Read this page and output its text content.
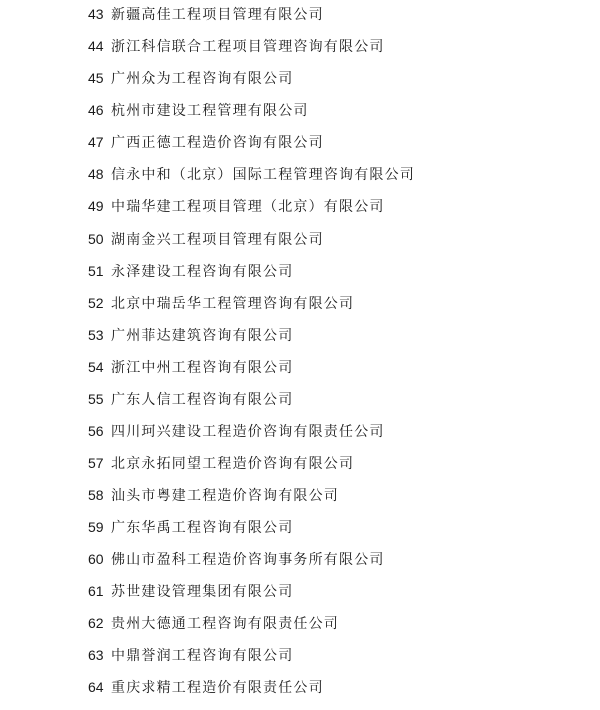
43 新疆高佳工程项目管理有限公司
44 浙江科信联合工程项目管理咨询有限公司
45 广州众为工程咨询有限公司
46 杭州市建设工程管理有限公司
47 广西正德工程造价咨询有限公司
48 信永中和（北京）国际工程管理咨询有限公司
49 中瑞华建工程项目管理（北京）有限公司
50 湖南金兴工程项目管理有限公司
51 永泽建设工程咨询有限公司
52 北京中瑞岳华工程管理咨询有限公司
53 广州菲达建筑咨询有限公司
54 浙江中州工程咨询有限公司
55 广东人信工程咨询有限公司
56 四川珂兴建设工程造价咨询有限责任公司
57 北京永拓同望工程造价咨询有限公司
58 汕头市粤建工程造价咨询有限公司
59 广东华禹工程咨询有限公司
60 佛山市盈科工程造价咨询事务所有限公司
61 苏世建设管理集团有限公司
62 贵州大德通工程咨询有限责任公司
63 中鼎誉润工程咨询有限公司
64 重庆求精工程造价有限责任公司
